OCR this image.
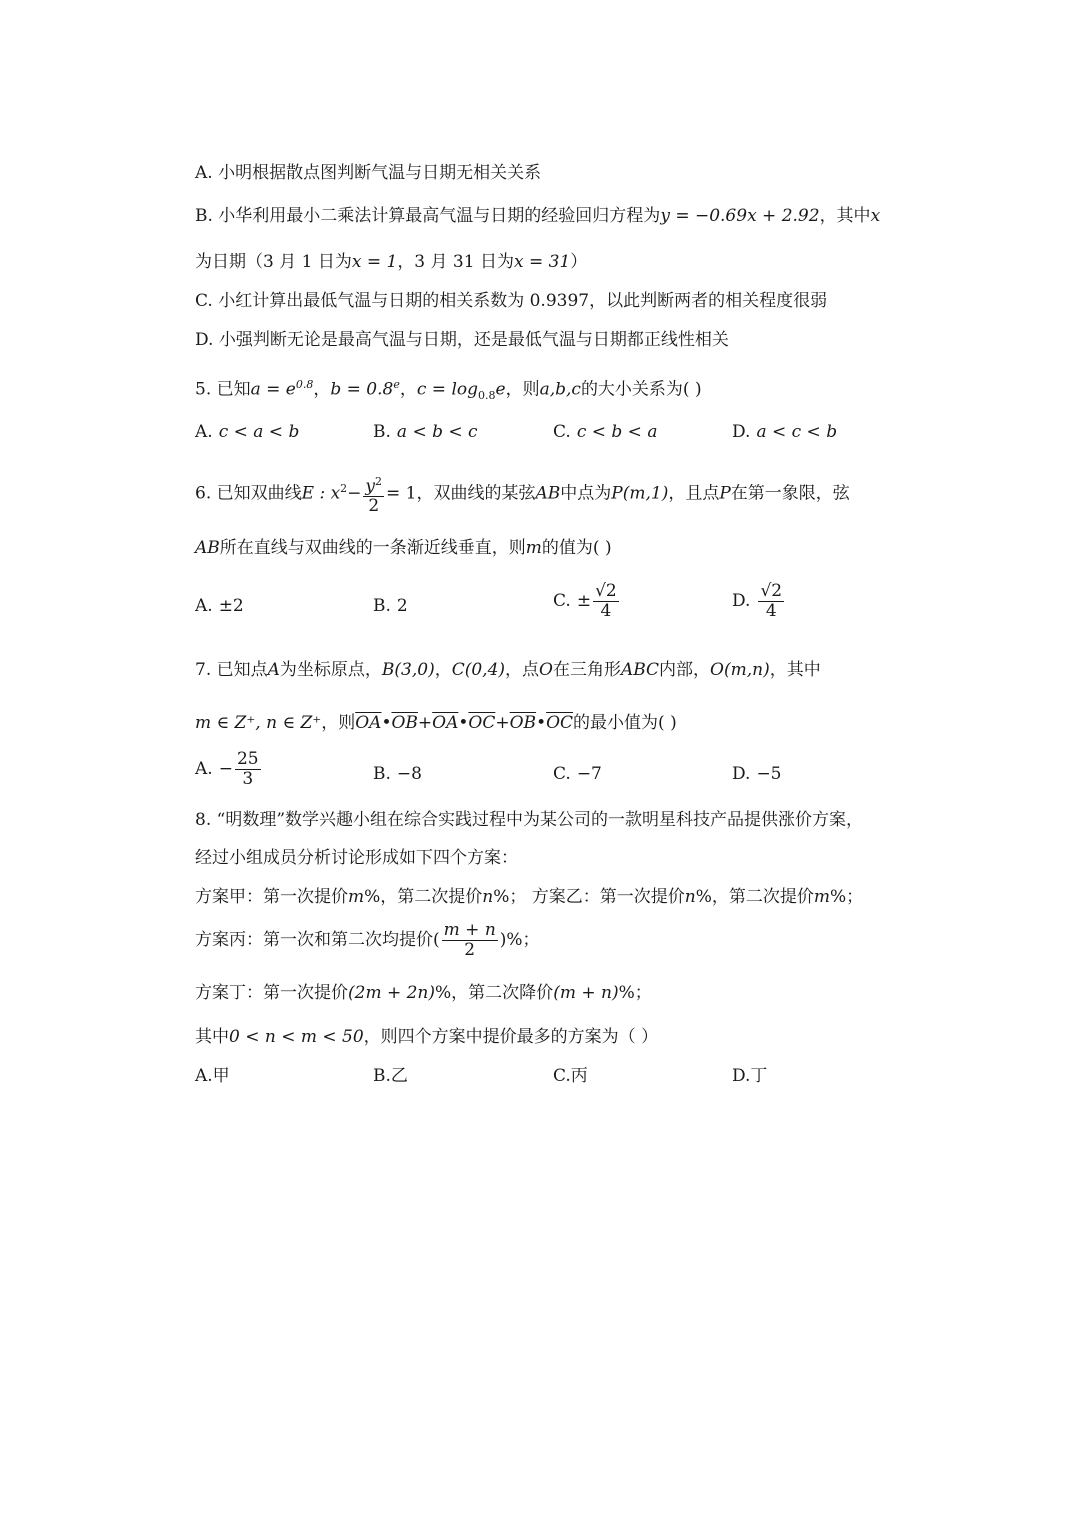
A. 小明根据散点图判断气温与日期无相关关系
B. 小华利用最小二乘法计算最高气温与日期的经验回归方程为y = −0.69x + 2.92，其中x
为日期（3 月 1 日为x = 1，3 月 31 日为x = 31）
C. 小红计算出最低气温与日期的相关系数为 0.9397，以此判断两者的相关程度很弱
D. 小强判断无论是最高气温与日期，还是最低气温与日期都正线性相关
5. 已知$a = e^{0.8}$，b = 0.8$^e$，$c = \log_{0.8}e$，则a,b,c的大小关系为( )
A. c < a < b	B. a < b < c	C. c < b < a	D. a < c < b
6. 已知双曲线E : $x^2- \frac{y^2}{2} = 1$，双曲线的某弦AB中点为P(m,1)，且点P在第一象限，弦
AB所在直线与双曲线的一条渐近线垂直，则m的值为( )
A. ±2	B. 2	C. ± $\frac{√2}{4}$	D. $\frac{√2}{4}$
7. 已知点A为坐标原点，B(3,0)，C(0,4)，点O在三角形ABC内部，O(m,n)，其中
m ∈ Z⁺, n ∈ Z⁺，则$\overline{OA}•\overline{OB}+\overline{OA}•\overline{OC}+\overline{OB}•\overline{OC}$的最小值为( )
A. − $\frac{25}{3}$	B. −8	C. −7	D. −5
8. “明数理”数学兴趣小组在综合实践过程中为某公司的一款明星科技产品提供涨价方案，
经过小组成员分析讨论形成如下四个方案：
方案甲：第一次提价m%，第二次提价n%； 方案乙：第一次提价n%，第二次提价m%；
方案丙：第一次和第二次均提价( $\frac{m + n}{2}$ )%；
方案丁：第一次提价(2m + 2n)%，第二次降价(m + n)%；
其中0 < n < m < 50，则四个方案中提价最多的方案为（ ）
A.甲	B.乙	C.丙	D.丁
